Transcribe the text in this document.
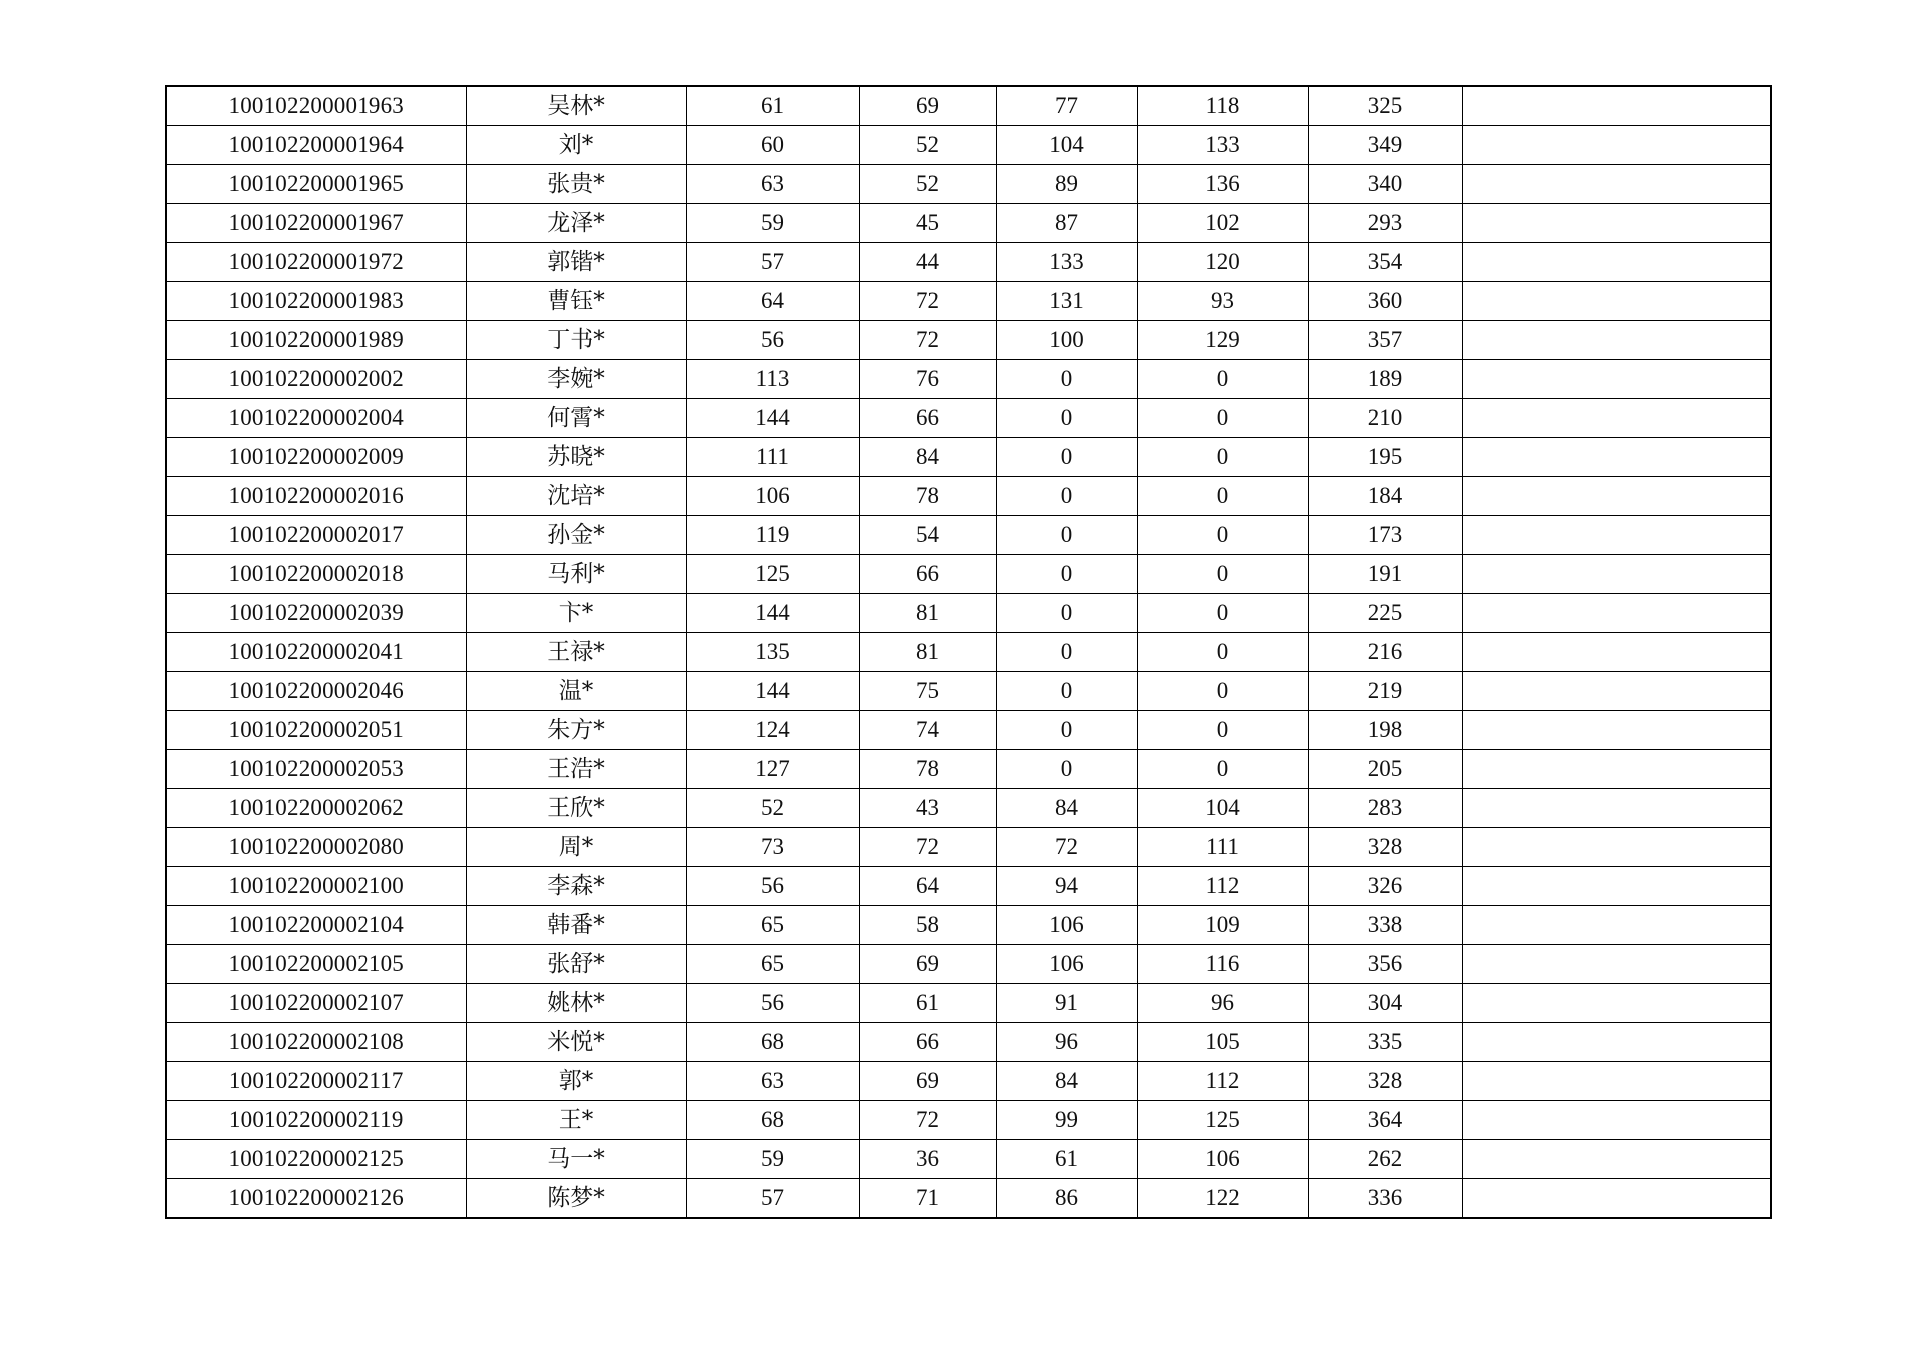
100102200001963	吴林*	61	69	77	118	325	
100102200001964	刘*	60	52	104	133	349	
100102200001965	张贵*	63	52	89	136	340	
100102200001967	龙泽*	59	45	87	102	293	
100102200001972	郭锴*	57	44	133	120	354	
100102200001983	曹钰*	64	72	131	93	360	
100102200001989	丁书*	56	72	100	129	357	
100102200002002	李婉*	113	76	0	0	189	
100102200002004	何霄*	144	66	0	0	210	
100102200002009	苏晓*	111	84	0	0	195	
100102200002016	沈培*	106	78	0	0	184	
100102200002017	孙金*	119	54	0	0	173	
100102200002018	马利*	125	66	0	0	191	
100102200002039	卞*	144	81	0	0	225	
100102200002041	王禄*	135	81	0	0	216	
100102200002046	温*	144	75	0	0	219	
100102200002051	朱方*	124	74	0	0	198	
100102200002053	王浩*	127	78	0	0	205	
100102200002062	王欣*	52	43	84	104	283	
100102200002080	周*	73	72	72	111	328	
100102200002100	李森*	56	64	94	112	326	
100102200002104	韩番*	65	58	106	109	338	
100102200002105	张舒*	65	69	106	116	356	
100102200002107	姚林*	56	61	91	96	304	
100102200002108	米悦*	68	66	96	105	335	
100102200002117	郭*	63	69	84	112	328	
100102200002119	王*	68	72	99	125	364	
100102200002125	马一*	59	36	61	106	262	
100102200002126	陈梦*	57	71	86	122	336	
